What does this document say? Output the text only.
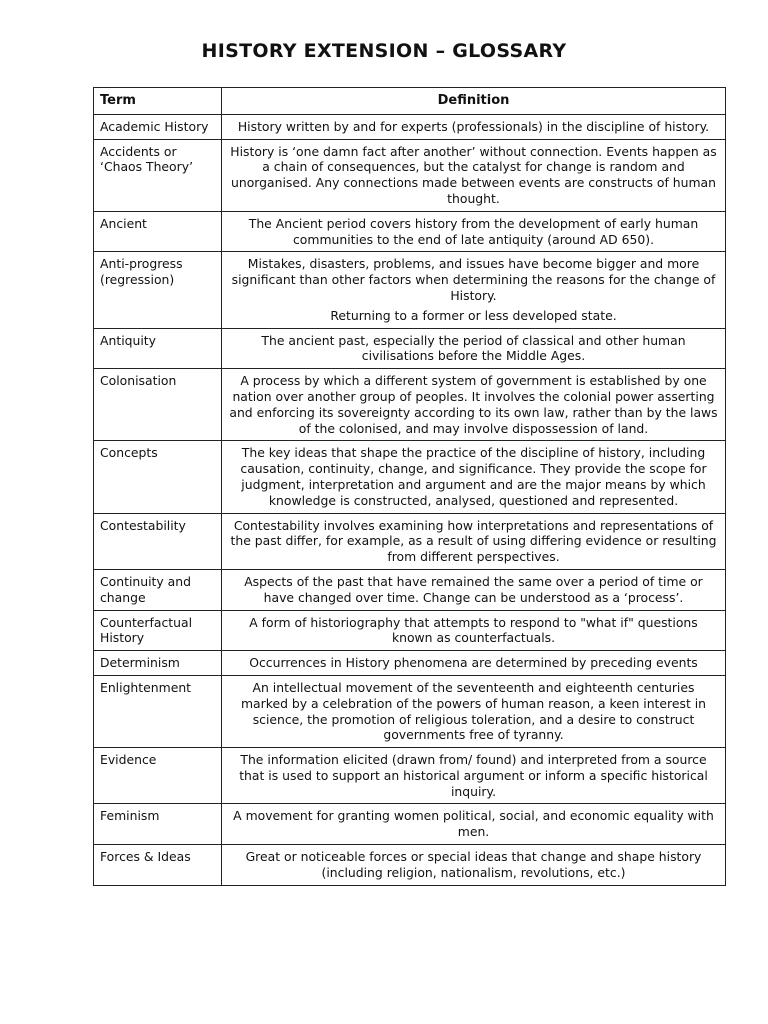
HISTORY EXTENSION – GLOSSARY
Term	Definition
Academic History	History written by and for experts (professionals) in the discipline of history.

Accidents or ‘Chaos Theory’	History is ‘one damn fact after another’ without connection. Events happen as a chain of consequences, but the catalyst for change is random and unorganised. Any connections made between events are constructs of human thought.

Ancient	The Ancient period covers history from the development of early human communities to the end of late antiquity (around AD 650).

Anti-progress (regression)	Mistakes, disasters, problems, and issues have become bigger and more significant than other factors when determining the reasons for the change of History.

Returning to a former or less developed state.

Antiquity	The ancient past, especially the period of classical and other human civilisations before the Middle Ages.

Colonisation	A process by which a different system of government is established by one nation over another group of peoples. It involves the colonial power asserting and enforcing its sovereignty according to its own law, rather than by the laws of the colonised, and may involve dispossession of land.

Concepts	The key ideas that shape the practice of the discipline of history, including causation, continuity, change, and significance. They provide the scope for judgment, interpretation and argument and are the major means by which knowledge is constructed, analysed, questioned and represented.

Contestability	Contestability involves examining how interpretations and representations of the past differ, for example, as a result of using differing evidence or resulting from different perspectives.

Continuity and change	Aspects of the past that have remained the same over a period of time or have changed over time. Change can be understood as a ‘process’.

Counterfactual History	A form of historiography that attempts to respond to "what if" questions known as counterfactuals.

Determinism	Occurrences in History phenomena are determined by preceding events

Enlightenment	An intellectual movement of the seventeenth and eighteenth centuries marked by a celebration of the powers of human reason, a keen interest in science, the promotion of religious toleration, and a desire to construct governments free of tyranny.

Evidence	The information elicited (drawn from/ found) and interpreted from a source that is used to support an historical argument or inform a specific historical inquiry.

Feminism	A movement for granting women political, social, and economic equality with men.

Forces & Ideas	Great or noticeable forces or special ideas that change and shape history (including religion, nationalism, revolutions, etc.)
